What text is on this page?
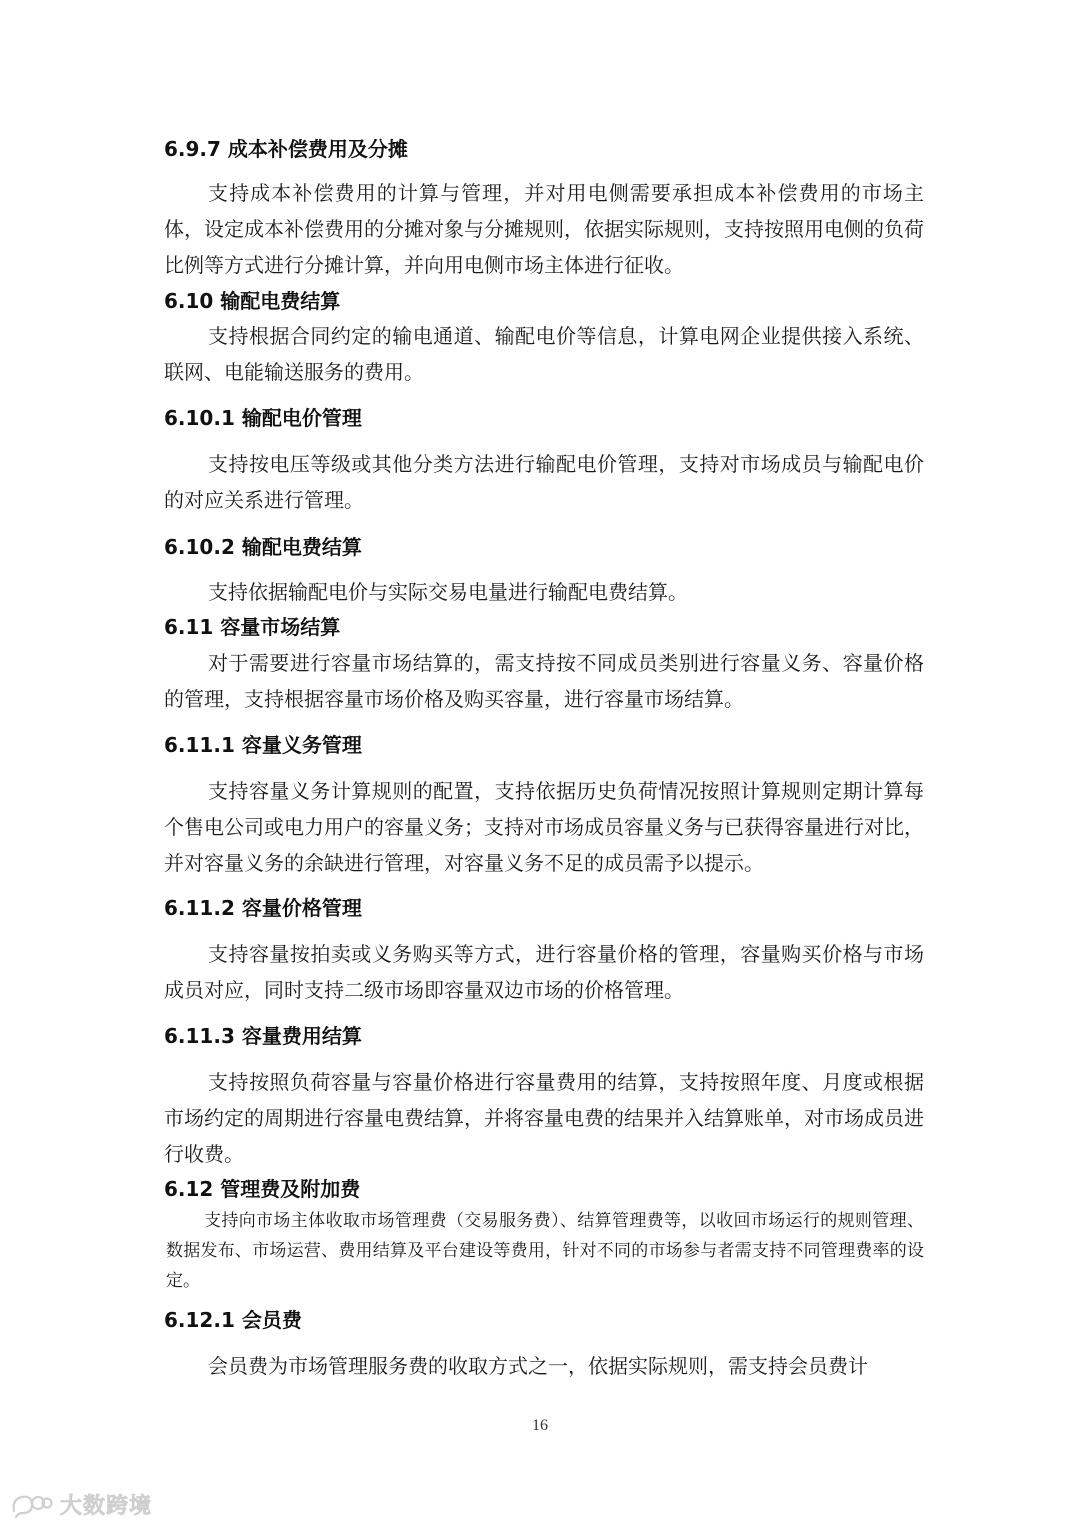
6.9.7 成本补偿费用及分摊

支持成本补偿费用的计算与管理，并对用电侧需要承担成本补偿费用的市场主体，设定成本补偿费用的分摊对象与分摊规则，依据实际规则，支持按照用电侧的负荷比例等方式进行分摊计算，并向用电侧市场主体进行征收。

6.10 输配电费结算

支持根据合同约定的输电通道、输配电价等信息，计算电网企业提供接入系统、联网、电能输送服务的费用。

6.10.1 输配电价管理

支持按电压等级或其他分类方法进行输配电价管理，支持对市场成员与输配电价的对应关系进行管理。

6.10.2 输配电费结算

支持依据输配电价与实际交易电量进行输配电费结算。

6.11 容量市场结算

对于需要进行容量市场结算的，需支持按不同成员类别进行容量义务、容量价格的管理，支持根据容量市场价格及购买容量，进行容量市场结算。

6.11.1 容量义务管理

支持容量义务计算规则的配置，支持依据历史负荷情况按照计算规则定期计算每个售电公司或电力用户的容量义务；支持对市场成员容量义务与已获得容量进行对比，并对容量义务的余缺进行管理，对容量义务不足的成员需予以提示。

6.11.2 容量价格管理

支持容量按拍卖或义务购买等方式，进行容量价格的管理，容量购买价格与市场成员对应，同时支持二级市场即容量双边市场的价格管理。

6.11.3 容量费用结算

支持按照负荷容量与容量价格进行容量费用的结算，支持按照年度、月度或根据市场约定的周期进行容量电费结算，并将容量电费的结果并入结算账单，对市场成员进行收费。

6.12 管理费及附加费

支持向市场主体收取市场管理费（交易服务费）、结算管理费等，以收回市场运行的规则管理、数据发布、市场运营、费用结算及平台建设等费用，针对不同的市场参与者需支持不同管理费率的设定。

6.12.1 会员费

会员费为市场管理服务费的收取方式之一，依据实际规则，需支持会员费计

16
大数跨境
